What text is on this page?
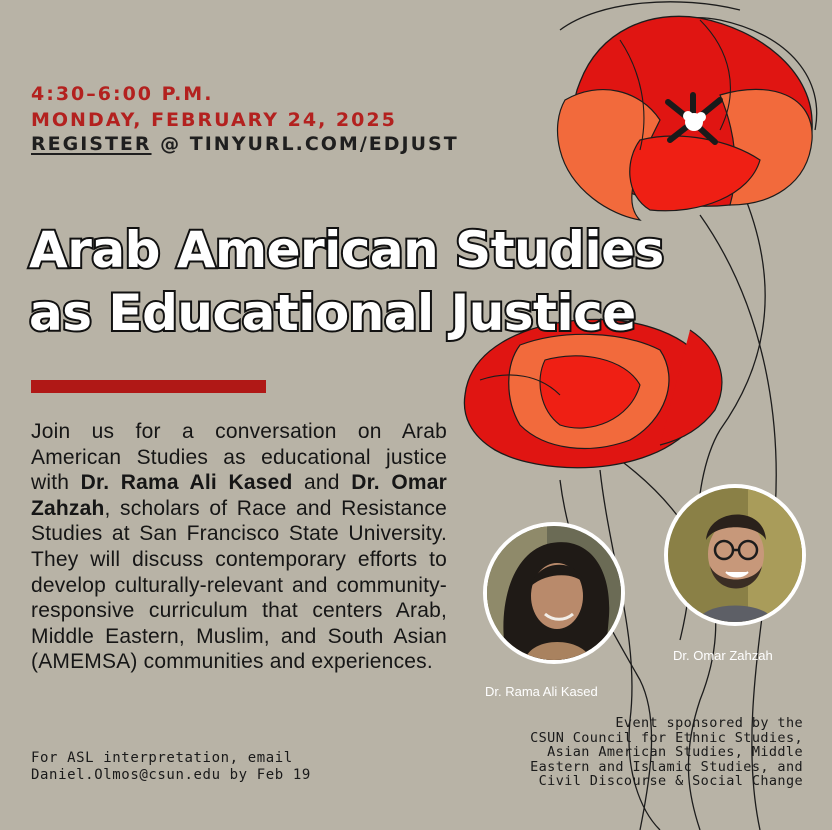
4:30–6:00 P.M.
MONDAY, FEBRUARY 24, 2025
REGISTER @ TINYURL.COM/EDJUST
Arab American Studies
as Educational Justice
Join us for a conversation on Arab American Studies as educational justice with Dr. Rama Ali Kased and Dr. Omar Zahzah, scholars of Race and Resistance Studies at San Francisco State University. They will discuss contemporary efforts to develop culturally-relevant and community-responsive curriculum that centers Arab, Middle Eastern, Muslim, and South Asian (AMEMSA) communities and experiences.
For ASL interpretation, email
Daniel.Olmos@csun.edu by Feb 19
Event sponsored by the
CSUN Council for Ethnic Studies,
Asian American Studies, Middle
Eastern and Islamic Studies, and
Civil Discourse & Social Change
Dr. Rama Ali Kased
Dr. Omar Zahzah
